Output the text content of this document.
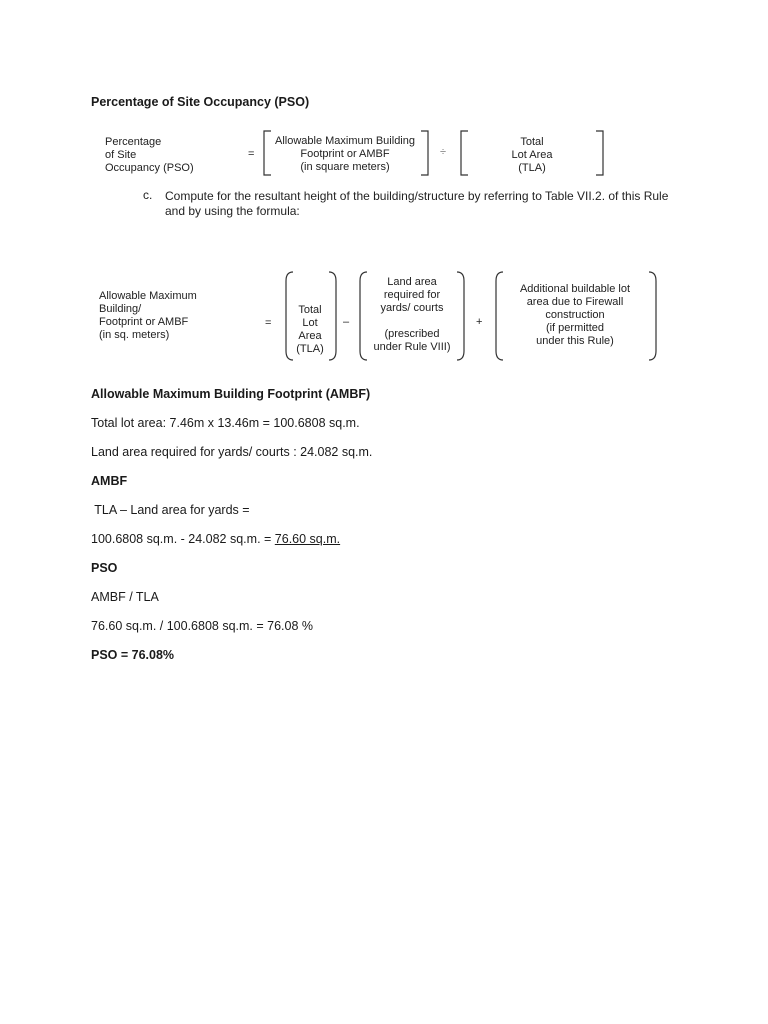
Percentage of Site Occupancy (PSO)
Percentage
of Site
Occupancy (PSO)
=
Allowable Maximum Building
Footprint or AMBF
(in square meters)
÷
Total
Lot Area
(TLA)
c. Compute for the resultant height of the building/structure by referring to Table VII.2. of this Rule
and by using the formula:
Allowable Maximum
Building/
Footprint or AMBF
(in sq. meters)
=
Total
Lot
Area
(TLA)
–
Land area
required for
yards/ courts
(prescribed
under Rule VIII)
+
Additional buildable lot
area due to Firewall
construction
(if permitted
under this Rule)
Allowable Maximum Building Footprint (AMBF)
Total lot area: 7.46m x 13.46m = 100.6808 sq.m.
Land area required for yards/ courts : 24.082 sq.m.
AMBF
TLA – Land area for yards =
100.6808 sq.m. - 24.082 sq.m. = 76.60 sq.m.
PSO
AMBF / TLA
76.60 sq.m. / 100.6808 sq.m. = 76.08 %
PSO = 76.08%
